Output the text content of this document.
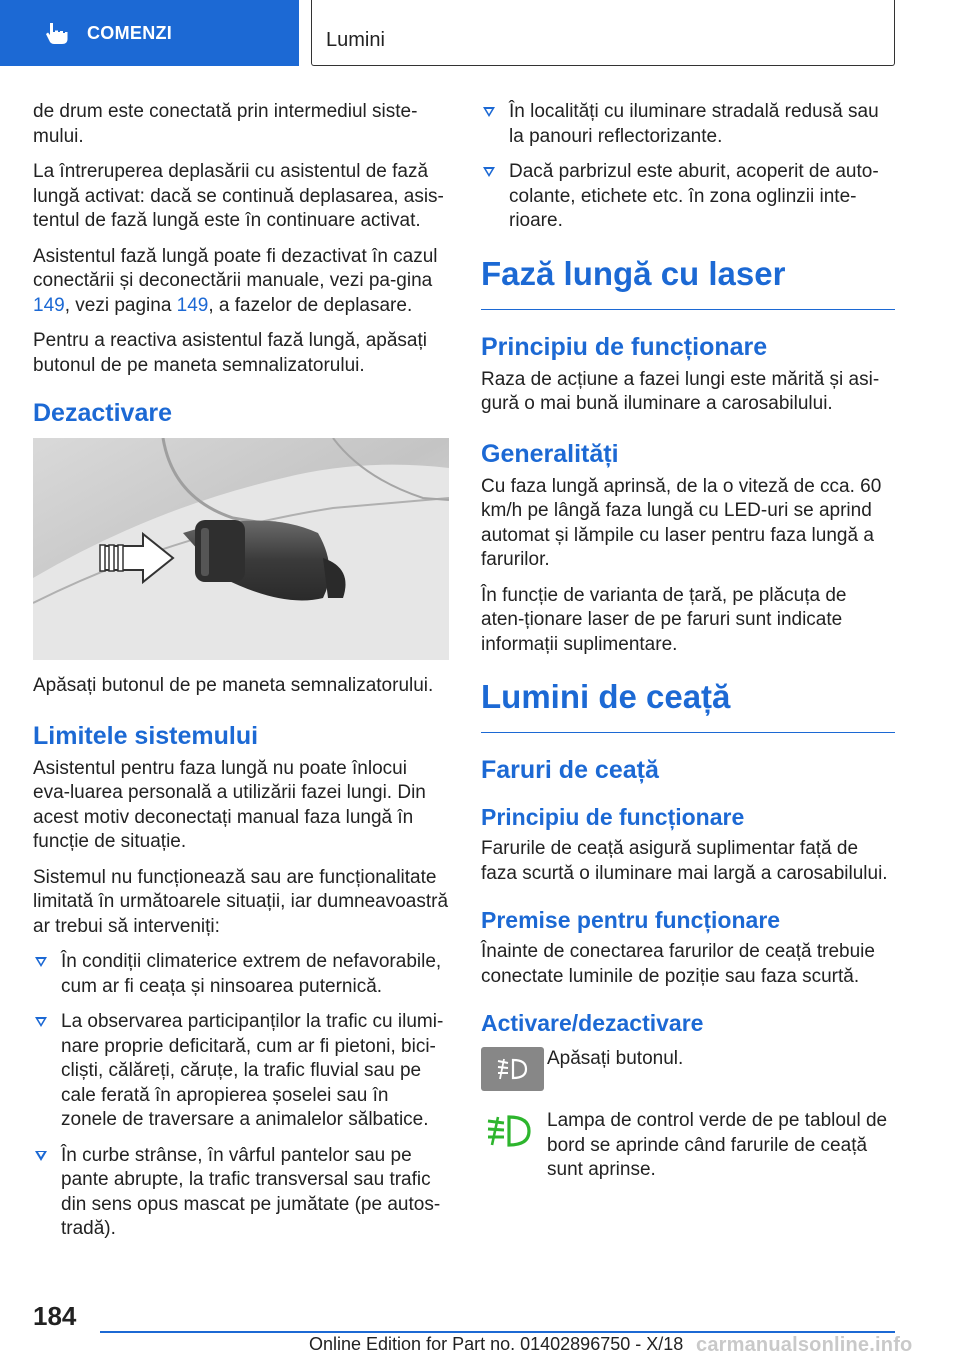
COMENZI	Lumini

de drum este conectată prin intermediul siste-mului.

La întreruperea deplasării cu asistentul de fază lungă activat: dacă se continuă deplasarea, asis-tentul de fază lungă este în continuare activat.

Asistentul fază lungă poate fi dezactivat în cazul conectării și deconectării manuale, vezi pa-gina 149, vezi pagina 149, a fazelor de deplasare.

Pentru a reactiva asistentul fază lungă, apăsați butonul de pe maneta semnalizatorului.

Dezactivare

Apăsați butonul de pe maneta semnalizatorului.

Limitele sistemului

Asistentul pentru faza lungă nu poate înlocui eva-luarea personală a utilizării fazei lungi. Din acest motiv deconectați manual faza lungă în funcție de situație.

Sistemul nu funcționează sau are funcționalitate limitată în următoarele situații, iar dumneavoastră ar trebui să interveniți:

În condiții climaterice extrem de nefavorabile, cum ar fi ceața și ninsoarea puternică.
La observarea participanților la trafic cu ilumi-nare proprie deficitară, cum ar fi pietoni, bici-cliști, călăreți, căruțe, la trafic fluvial sau pe cale ferată în apropierea șoselei sau în zonele de traversare a animalelor sălbatice.
În curbe strânse, în vârful pantelor sau pe pante abrupte, la trafic transversal sau trafic din sens opus mascat pe jumătate (pe autos-tradă).
În localități cu iluminare stradală redusă sau la panouri reflectorizante.
Dacă parbrizul este aburit, acoperit de auto-colante, etichete etc. în zona oglinzii inte-rioare.
Fază lungă cu laser
Principiu de funcționare

Raza de acțiune a fazei lungi este mărită și asi-gură o mai bună iluminare a carosabilului.

Generalități

Cu faza lungă aprinsă, de la o viteză de cca. 60 km/h pe lângă faza lungă cu LED-uri se aprind automat și lămpile cu laser pentru faza lungă a farurilor.

În funcție de varianta de țară, pe plăcuța de aten-ționare laser de pe faruri sunt indicate informații suplimentare.

Lumini de ceață
Faruri de ceață
Principiu de funcționare

Farurile de ceață asigură suplimentar față de faza scurtă o iluminare mai largă a carosabilului.

Premise pentru funcționare

Înainte de conectarea farurilor de ceață trebuie conectate luminile de poziție sau faza scurtă.

Activare/dezactivare
Apăsați butonul.
Lampa de control verde de pe tabloul de bord se aprinde când farurile de ceață sunt aprinse.
184
Online Edition for Part no. 01402896750 - X/18 carmanualsonline.info
